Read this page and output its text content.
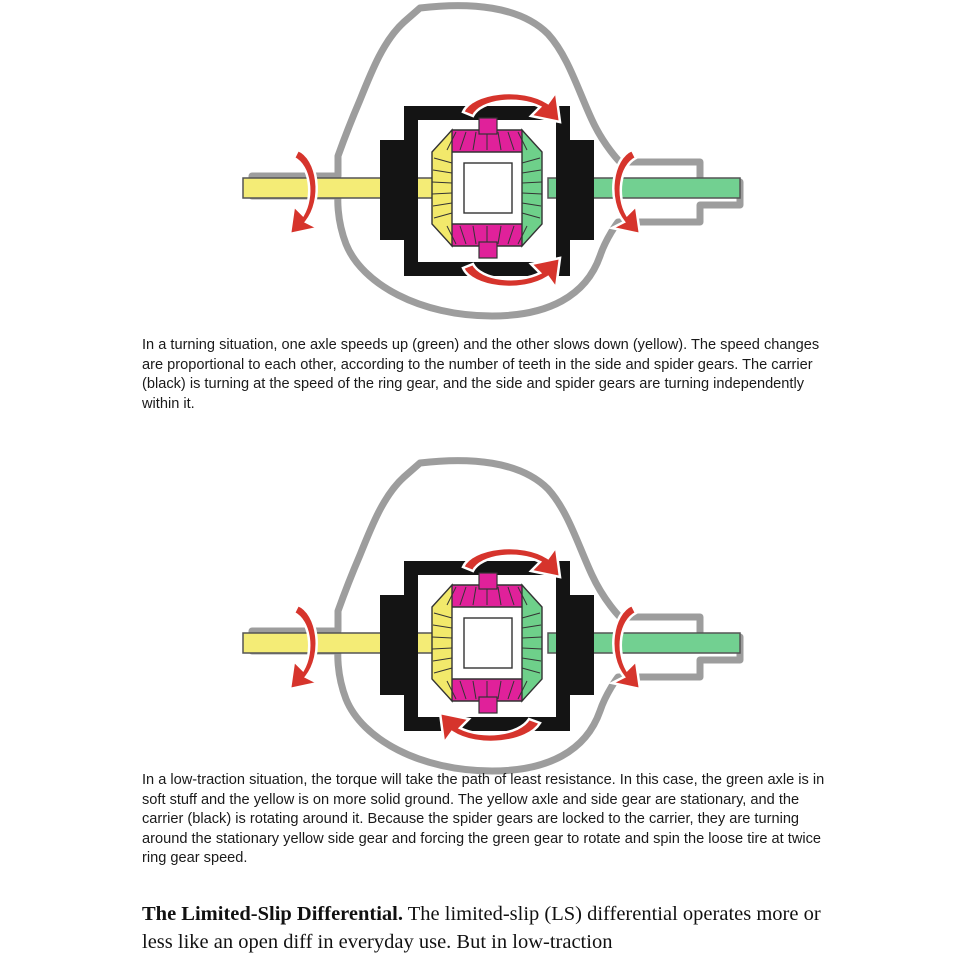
In a turning situation, one axle speeds up (green) and the other slows down (yellow). The speed changes are proportional to each other, according to the number of teeth in the side and spider gears. The carrier (black) is turning at the speed of the ring gear, and the side and spider gears are turning independently within it.
In a low-traction situation, the torque will take the path of least resistance. In this case, the green axle is in soft stuff and the yellow is on more solid ground. The yellow axle and side gear are stationary, and the carrier (black) is rotating around it. Because the spider gears are locked to the carrier, they are turning around the stationary yellow side gear and forcing the green gear to rotate and spin the loose tire at twice ring gear speed.
The Limited-Slip Differential. The limited-slip (LS) differential operates more or less like an open diff in everyday use. But in low-traction
